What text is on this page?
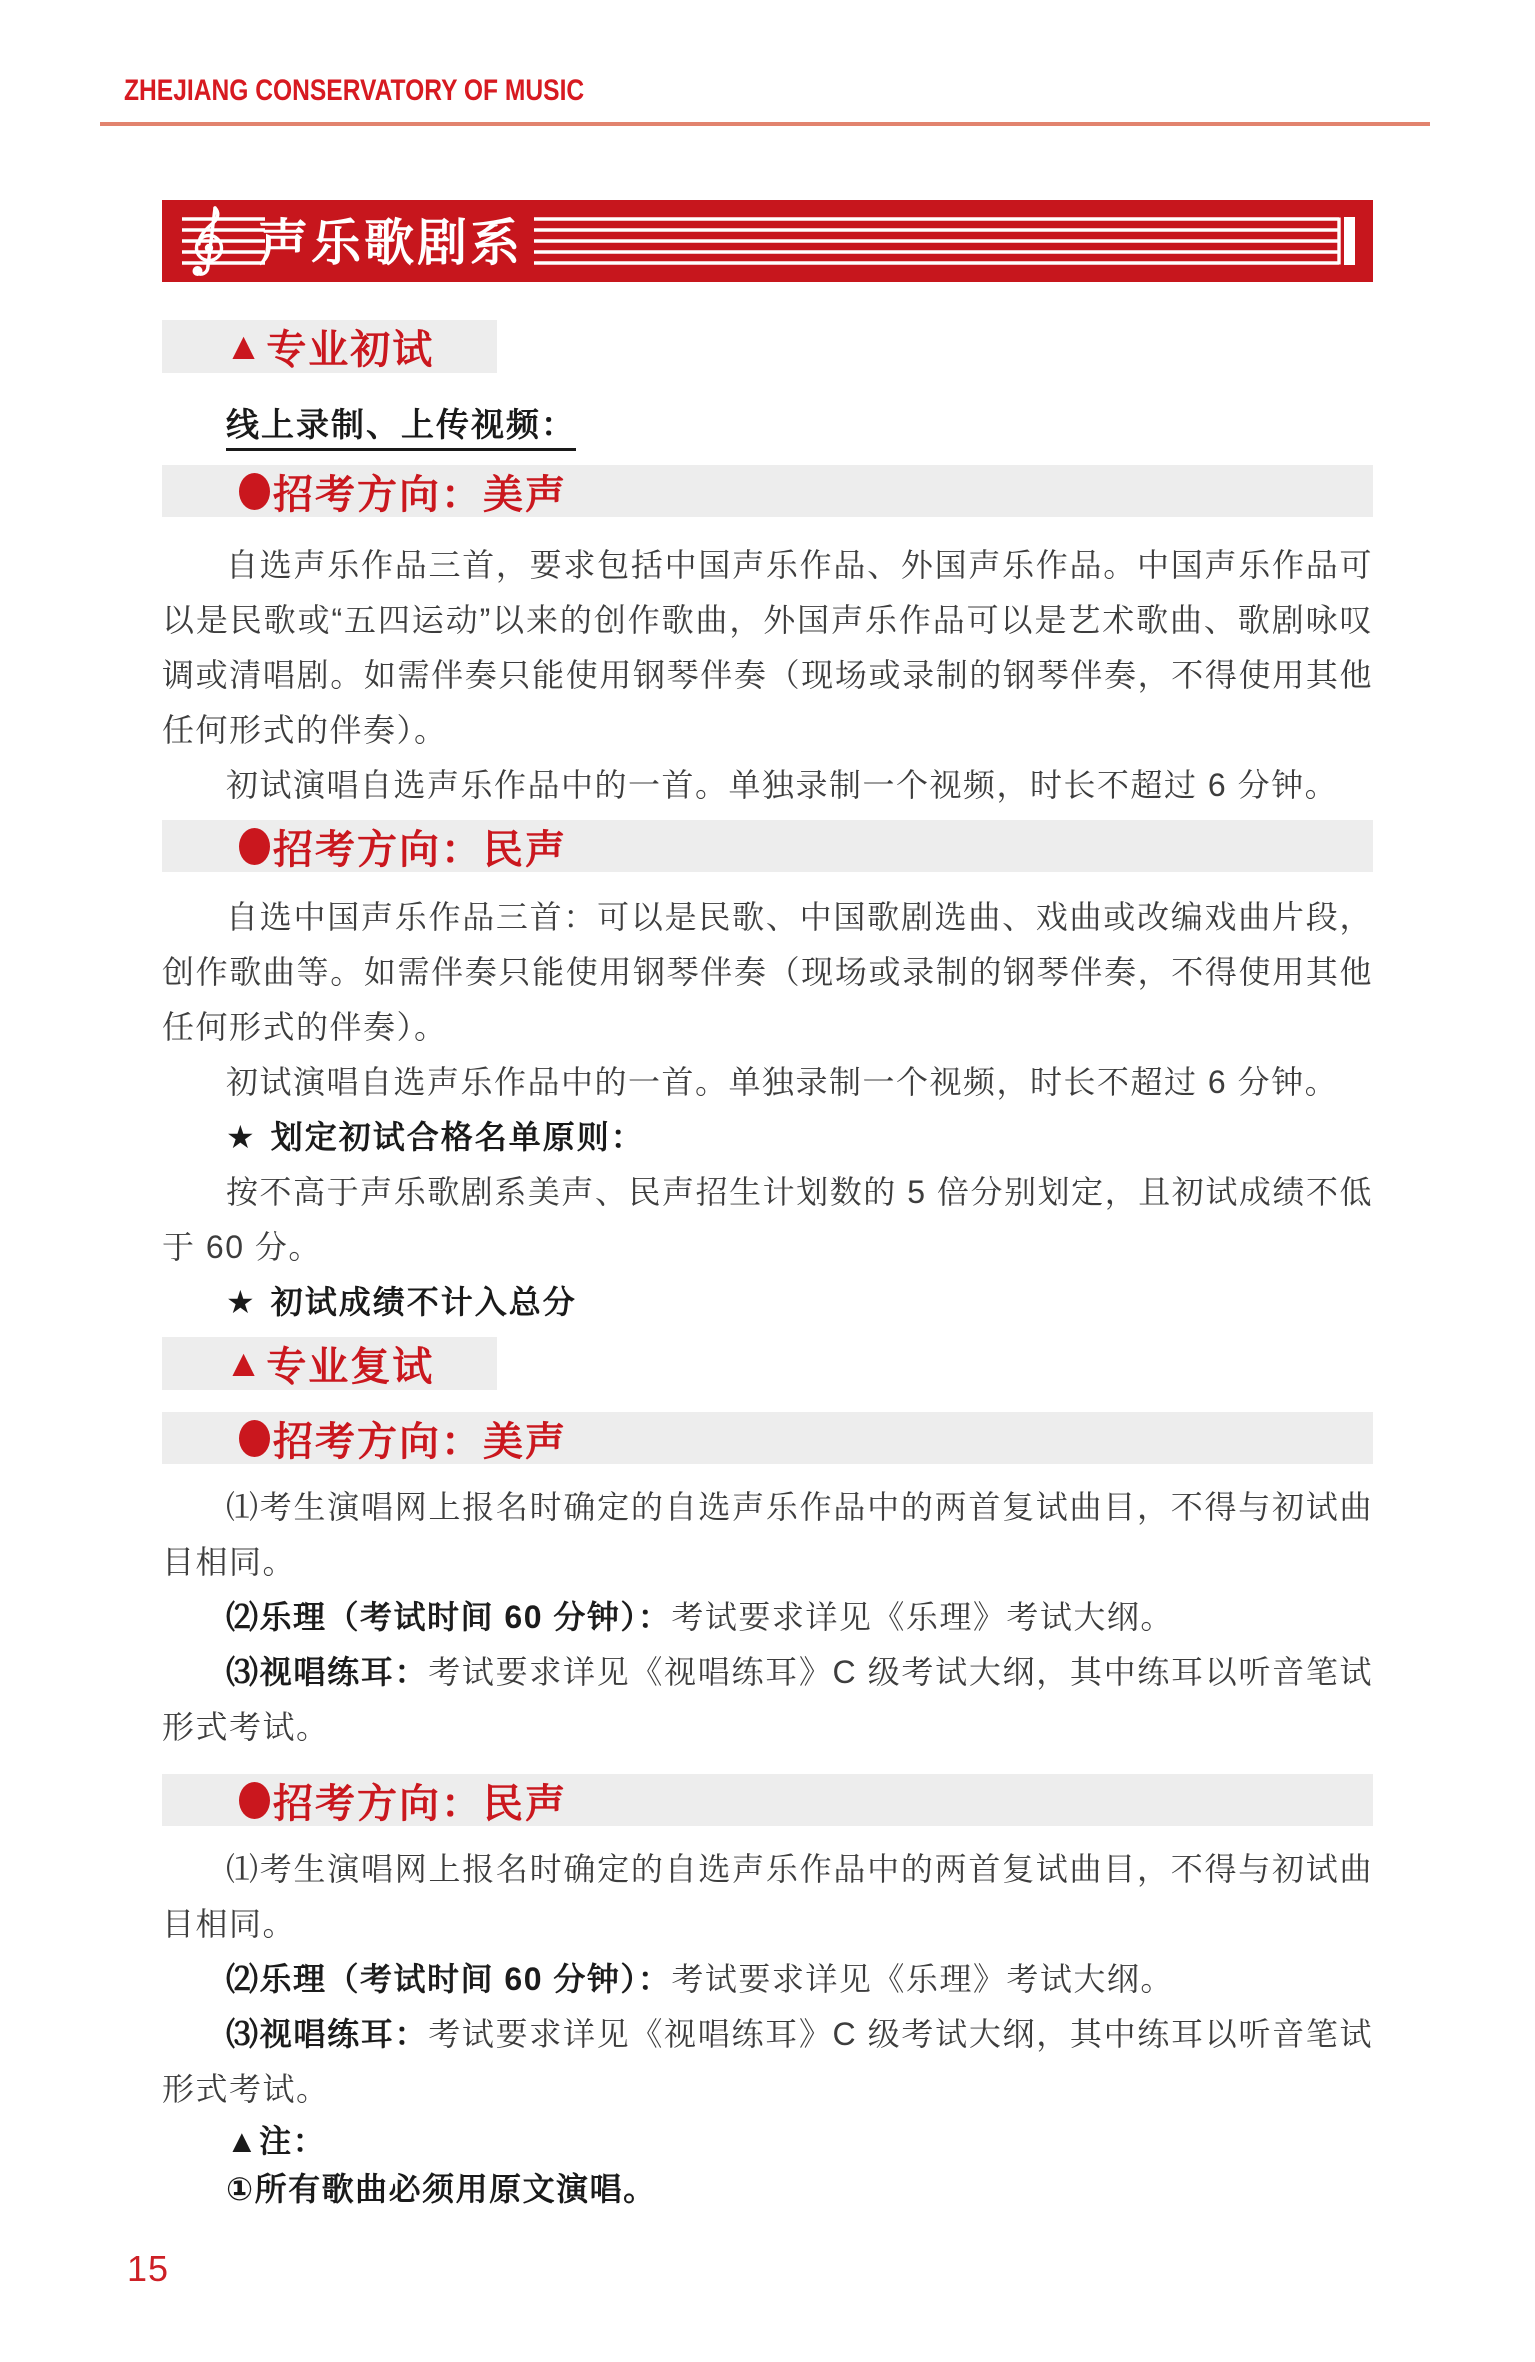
ZHEJIANG CONSERVATORY OF MUSIC
声乐歌剧系
▲ 专业初试

线上录制、上传视频：

招考方向：美声

自选声乐作品三首，要求包括中国声乐作品、外国声乐作品。中国声乐作品可以是民歌或“五四运动”以来的创作歌曲，外国声乐作品可以是艺术歌曲、歌剧咏叹调或清唱剧。如需伴奏只能使用钢琴伴奏（现场或录制的钢琴伴奏，不得使用其他任何形式的伴奏）。

初试演唱自选声乐作品中的一首。单独录制一个视频，时长不超过 6 分钟。

招考方向：民声

自选中国声乐作品三首：可以是民歌、中国歌剧选曲、戏曲或改编戏曲片段，创作歌曲等。如需伴奏只能使用钢琴伴奏（现场或录制的钢琴伴奏，不得使用其他任何形式的伴奏）。

初试演唱自选声乐作品中的一首。单独录制一个视频，时长不超过 6 分钟。

★ 划定初试合格名单原则：

按不高于声乐歌剧系美声、民声招生计划数的 5 倍分别划定，且初试成绩不低于 60 分。

★ 初试成绩不计入总分

▲ 专业复试
招考方向：美声

⑴考生演唱网上报名时确定的自选声乐作品中的两首复试曲目，不得与初试曲目相同。

⑵乐理（考试时间 60 分钟）：考试要求详见《乐理》考试大纲。

⑶视唱练耳：考试要求详见《视唱练耳》C 级考试大纲，其中练耳以听音笔试形式考试。

招考方向：民声

⑴考生演唱网上报名时确定的自选声乐作品中的两首复试曲目，不得与初试曲目相同。

⑵乐理（考试时间 60 分钟）：考试要求详见《乐理》考试大纲。

⑶视唱练耳：考试要求详见《视唱练耳》C 级考试大纲，其中练耳以听音笔试形式考试。

▲注：

①所有歌曲必须用原文演唱。

15
